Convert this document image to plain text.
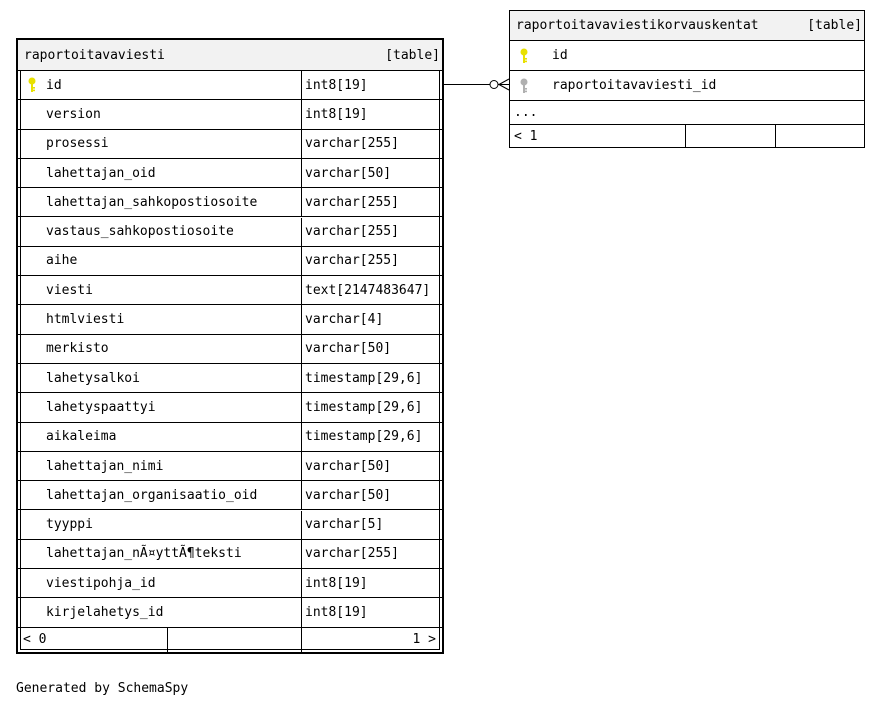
raportoitavaviesti	[table]
id	int8[19]
version	int8[19]
prosessi	varchar[255]
lahettajan_oid	varchar[50]
lahettajan_sahkopostiosoite	varchar[255]
vastaus_sahkopostiosoite	varchar[255]
aihe	varchar[255]
viesti	text[2147483647]
htmlviesti	varchar[4]
merkisto	varchar[50]
lahetysalkoi	timestamp[29,6]
lahetyspaattyi	timestamp[29,6]
aikaleima	timestamp[29,6]
lahettajan_nimi	varchar[50]
lahettajan_organisaatio_oid	varchar[50]
tyyppi	varchar[5]
lahettajan_nÃ¤yttÃ¶teksti	varchar[255]
viestipohja_id	int8[19]
kirjelahetys_id	int8[19]
< 0	1 >
raportoitavaviestikorvauskentat	[table]
id
raportoitavaviesti_id
...
< 1
Generated by SchemaSpy
